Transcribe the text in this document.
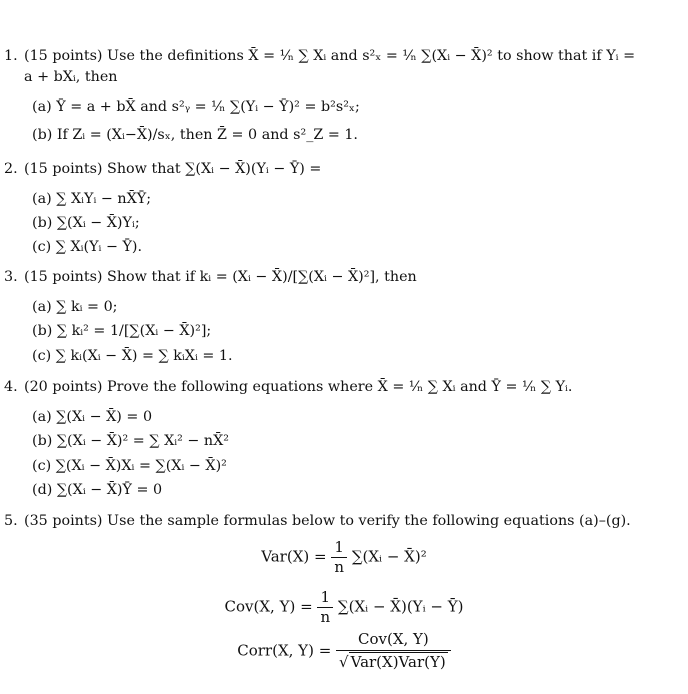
1. (15 points) Use the definitions X̄ = ¹⁄ₙ ∑ Xᵢ and s²ₓ = ¹⁄ₙ ∑(Xᵢ − X̄)² to show that if Yᵢ =
a + bXᵢ, then
(a) Ȳ = a + bX̄ and s²ᵧ = ¹⁄ₙ ∑(Yᵢ − Ȳ)² = b²s²ₓ;
(b) If Zᵢ = (Xᵢ−X̄)/sₓ, then Z̄ = 0 and s²_Z = 1.
2. (15 points) Show that ∑(Xᵢ − X̄)(Yᵢ − Ȳ) =
(a) ∑ XᵢYᵢ − nX̄Ȳ;
(b) ∑(Xᵢ − X̄)Yᵢ;
(c) ∑ Xᵢ(Yᵢ − Ȳ).
3. (15 points) Show that if kᵢ = (Xᵢ − X̄)/[∑(Xᵢ − X̄)²], then
(a) ∑ kᵢ = 0;
(b) ∑ kᵢ² = 1/[∑(Xᵢ − X̄)²];
(c) ∑ kᵢ(Xᵢ − X̄) = ∑ kᵢXᵢ = 1.
4. (20 points) Prove the following equations where X̄ = ¹⁄ₙ ∑ Xᵢ and Ȳ = ¹⁄ₙ ∑ Yᵢ.
(a) ∑(Xᵢ − X̄) = 0
(b) ∑(Xᵢ − X̄)² = ∑ Xᵢ² − nX̄²
(c) ∑(Xᵢ − X̄)Xᵢ = ∑(Xᵢ − X̄)²
(d) ∑(Xᵢ − X̄)Ȳ = 0
5. (35 points) Use the sample formulas below to verify the following equations (a)–(g).
$Var(X) = \frac{1}{n}$ ∑(Xᵢ − X̄)²
Cov(X, $Y) = \frac{1}{n}$ ∑(Xᵢ − X̄)(Yᵢ − Ȳ)
Corr(X, $Y) = \frac{\text{Cov(X, Y)}}{\text{√ Var(X)Var(Y)}}$
